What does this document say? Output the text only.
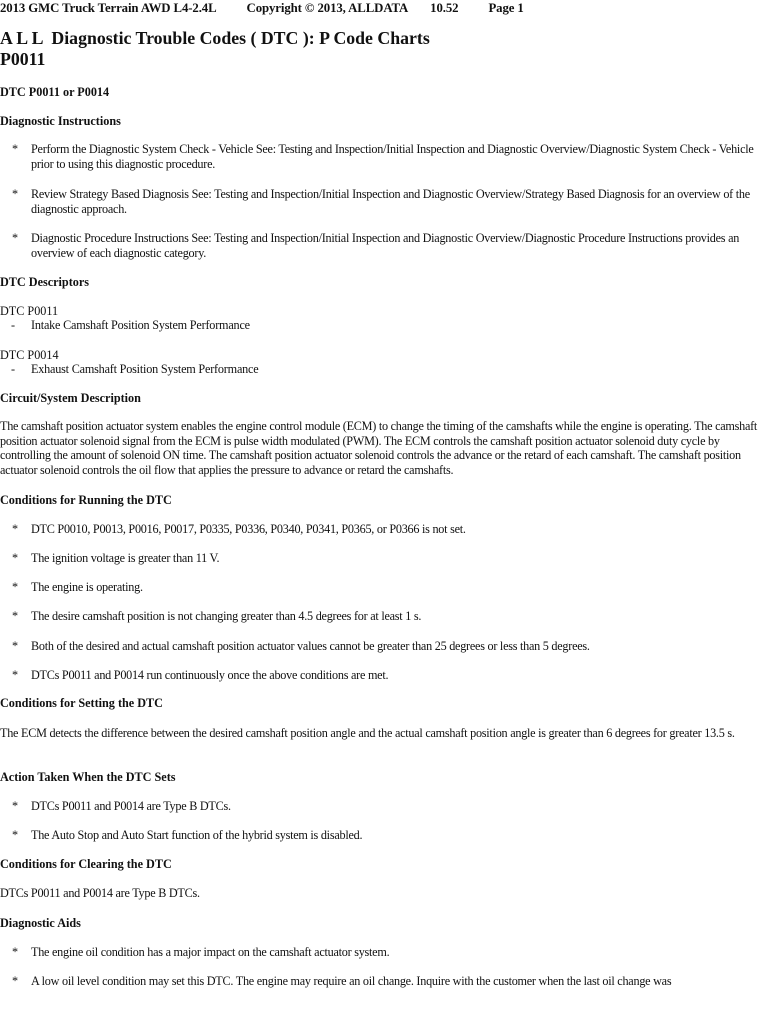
2013 GMC Truck Terrain AWD L4-2.4L Copyright © 2013, ALLDATA 10.52 Page 1
A L L  Diagnostic Trouble Codes ( DTC ): P Code Charts
P0011
DTC P0011 or P0014
Diagnostic Instructions
* Perform the Diagnostic System Check - Vehicle See: Testing and Inspection/Initial Inspection and Diagnostic Overview/Diagnostic System Check - Vehicle prior to using this diagnostic procedure.
* Review Strategy Based Diagnosis See: Testing and Inspection/Initial Inspection and Diagnostic Overview/Strategy Based Diagnosis for an overview of the diagnostic approach.
* Diagnostic Procedure Instructions See: Testing and Inspection/Initial Inspection and Diagnostic Overview/Diagnostic Procedure Instructions provides an overview of each diagnostic category.
DTC Descriptors
DTC P0011
- Intake Camshaft Position System Performance
DTC P0014
- Exhaust Camshaft Position System Performance
Circuit/System Description

The camshaft position actuator system enables the engine control module (ECM) to change the timing of the camshafts while the engine is operating. The camshaft position actuator solenoid signal from the ECM is pulse width modulated (PWM). The ECM controls the camshaft position actuator solenoid duty cycle by controlling the amount of solenoid ON time. The camshaft position actuator solenoid controls the advance or the retard of each camshaft. The camshaft position actuator solenoid controls the oil flow that applies the pressure to advance or retard the camshafts.

Conditions for Running the DTC
* DTC P0010, P0013, P0016, P0017, P0335, P0336, P0340, P0341, P0365, or P0366 is not set.
* The ignition voltage is greater than 11 V.
* The engine is operating.
* The desire camshaft position is not changing greater than 4.5 degrees for at least 1 s.
* Both of the desired and actual camshaft position actuator values cannot be greater than 25 degrees or less than 5 degrees.
* DTCs P0011 and P0014 run continuously once the above conditions are met.
Conditions for Setting the DTC

The ECM detects the difference between the desired camshaft position angle and the actual camshaft position angle is greater than 6 degrees for greater 13.5 s.

Action Taken When the DTC Sets
* DTCs P0011 and P0014 are Type B DTCs.
* The Auto Stop and Auto Start function of the hybrid system is disabled.
Conditions for Clearing the DTC

DTCs P0011 and P0014 are Type B DTCs.

Diagnostic Aids
* The engine oil condition has a major impact on the camshaft actuator system.
* A low oil level condition may set this DTC. The engine may require an oil change. Inquire with the customer when the last oil change was
